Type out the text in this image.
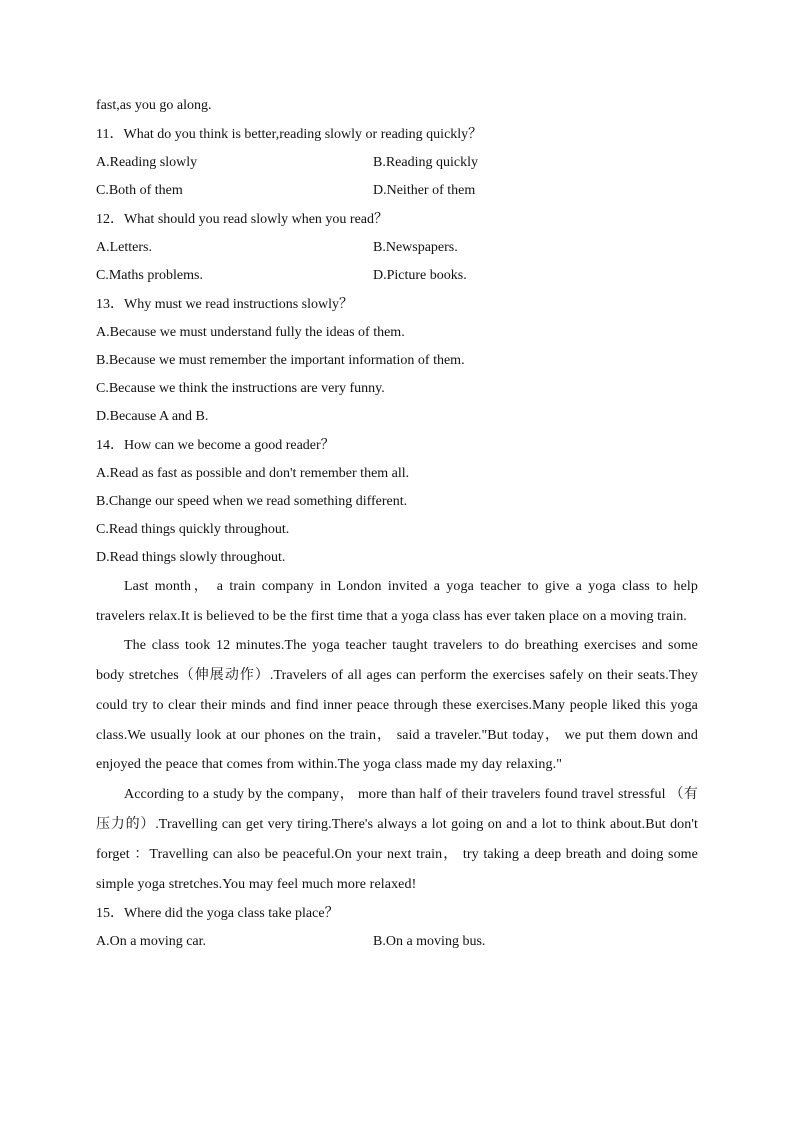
fast,as you go along.
11．What do you think is better,reading slowly or reading quickly？
A.Reading slowly	B.Reading quickly
C.Both of them	D.Neither of them
12．What should you read slowly when you read？
A.Letters.	B.Newspapers.
C.Maths problems.	D.Picture books.
13．Why must we read instructions slowly？
A.Because we must understand fully the ideas of them.
B.Because we must remember the important information of them.
C.Because we think the instructions are very funny.
D.Because A and B.
14．How can we become a good reader？
A.Read as fast as possible and don't remember them all.
B.Change our speed when we read something different.
C.Read things quickly throughout.
D.Read things slowly throughout.

Last month， a train company in London invited a yoga teacher to give a yoga class to help travelers relax.It is believed to be the first time that a yoga class has ever taken place on a moving train.

The class took 12 minutes.The yoga teacher taught travelers to do breathing exercises and some body stretches（伸展动作）.Travelers of all ages can perform the exercises safely on their seats.They could try to clear their minds and find inner peace through these exercises.Many people liked this yoga class.We usually look at our phones on the train， said a traveler."But today， we put them down and enjoyed the peace that comes from within.The yoga class made my day relaxing."

According to a study by the company， more than half of their travelers found travel stressful （有压力的）.Travelling can get very tiring.There's always a lot going on and a lot to think about.But don't forget ：Travelling can also be peaceful.On your next train， try taking a deep breath and doing some simple yoga stretches.You may feel much more relaxed!

15．Where did the yoga class take place？
A.On a moving car.	B.On a moving bus.
